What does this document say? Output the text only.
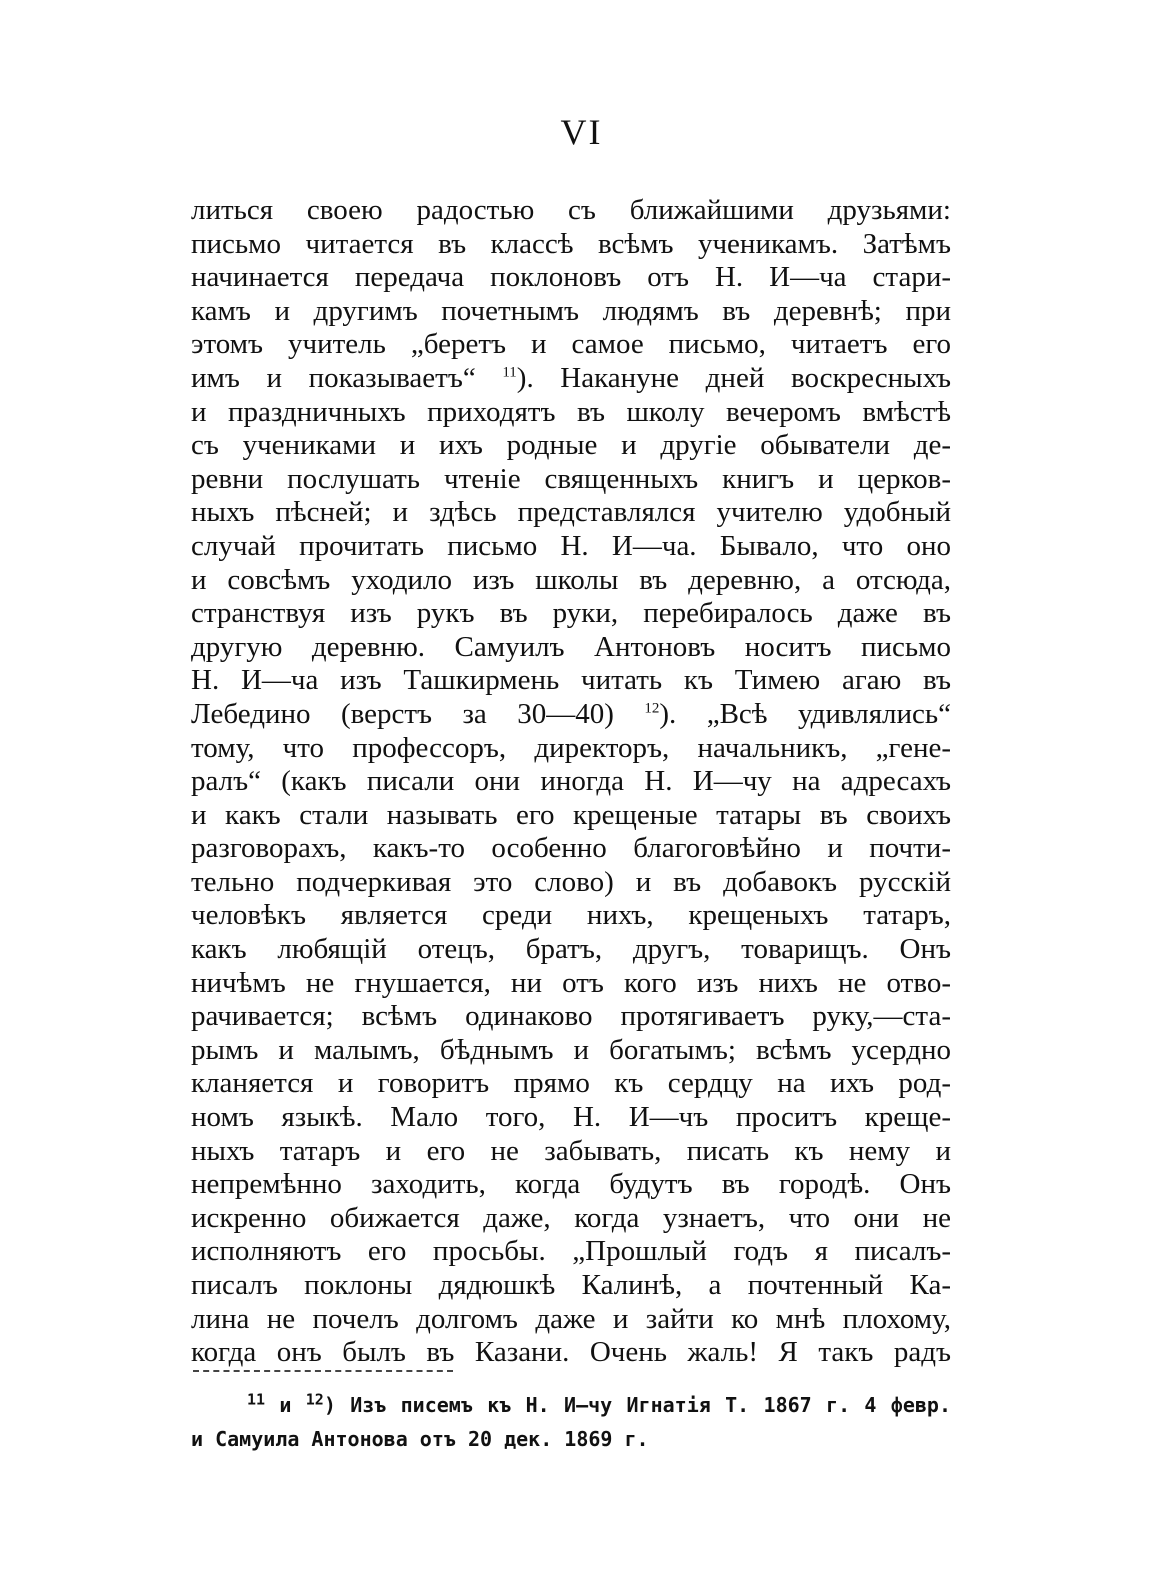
VI
литься своею радостью съ ближайшими друзьями:
письмо читается въ классѣ всѣмъ ученикамъ. Затѣмъ
начинается передача поклоновъ отъ Н. И—ча стари-
камъ и другимъ почетнымъ людямъ въ деревнѣ; при
этомъ учитель „беретъ и самое письмо, читаетъ его
имъ и показываетъ“ $^{11}$). Накануне дней воскресныхъ
и праздничныхъ приходятъ въ школу вечеромъ вмѣстѣ
съ учениками и ихъ родные и другіе обыватели де-
ревни послушать чтеніе священныхъ книгъ и церков-
ныхъ пѣсней; и здѣсь представлялся учителю удобный
случай прочитать письмо Н. И—ча. Бывало, что оно
и совсѣмъ уходило изъ школы въ деревню, а отсюда,
странствуя изъ рукъ въ руки, перебиралось даже въ
другую деревню. Самуилъ Антоновъ носитъ письмо
Н. И—ча изъ Ташкирмень читать къ Тимею агаю въ
Лебедино (верстъ за 30—40) $^{12}$). „Всѣ удивлялись“
тому, что профессоръ, директоръ, начальникъ, „гене-
ралъ“ (какъ писали они иногда Н. И—чу на адресахъ
и какъ стали называть его крещеные татары въ своихъ
разговорахъ, какъ-то особенно благоговѣйно и почти-
тельно подчеркивая это слово) и въ добавокъ русскій
человѣкъ является среди нихъ, крещеныхъ татаръ,
какъ любящій отецъ, братъ, другъ, товарищъ. Онъ
ничѣмъ не гнушается, ни отъ кого изъ нихъ не отво-
рачивается; всѣмъ одинаково протягиваетъ руку,—ста-
рымъ и малымъ, бѣднымъ и богатымъ; всѣмъ усердно
кланяется и говоритъ прямо къ сердцу на ихъ род-
номъ языкѣ. Мало того, Н. И—чъ проситъ креще-
ныхъ татаръ и его не забывать, писать къ нему и
непремѣнно заходить, когда будутъ въ городѣ. Онъ
искренно обижается даже, когда узнаетъ, что они не
исполняютъ его просьбы. „Прошлый годъ я писалъ-
писалъ поклоны дядюшкѣ Калинѣ, а почтенный Ка-
лина не почелъ долгомъ даже и зайти ко мнѣ плохому,
когда онъ былъ въ Казани. Очень жаль! Я такъ радъ
$^{11}$ и $^{12}$) Изъ писемъ къ Н. И—чу Игнатія Т. 1867 г. 4 февр.
и Самуила Антонова отъ 20 дек. 1869 г.
